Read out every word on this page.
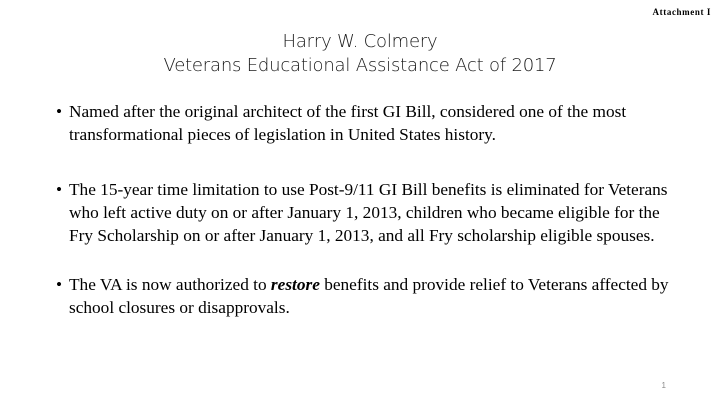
Attachment I
Harry W. Colmery
Veterans Educational Assistance Act of 2017
• Named after the original architect of the first GI Bill, considered one of the most transformational pieces of legislation in United States history.
• The 15-year time limitation to use Post-9/11 GI Bill benefits is eliminated for Veterans who left active duty on or after January 1, 2013, children who became eligible for the Fry Scholarship on or after January 1, 2013, and all Fry scholarship eligible spouses.
• The VA is now authorized to restore benefits and provide relief to Veterans affected by school closures or disapprovals.
1
